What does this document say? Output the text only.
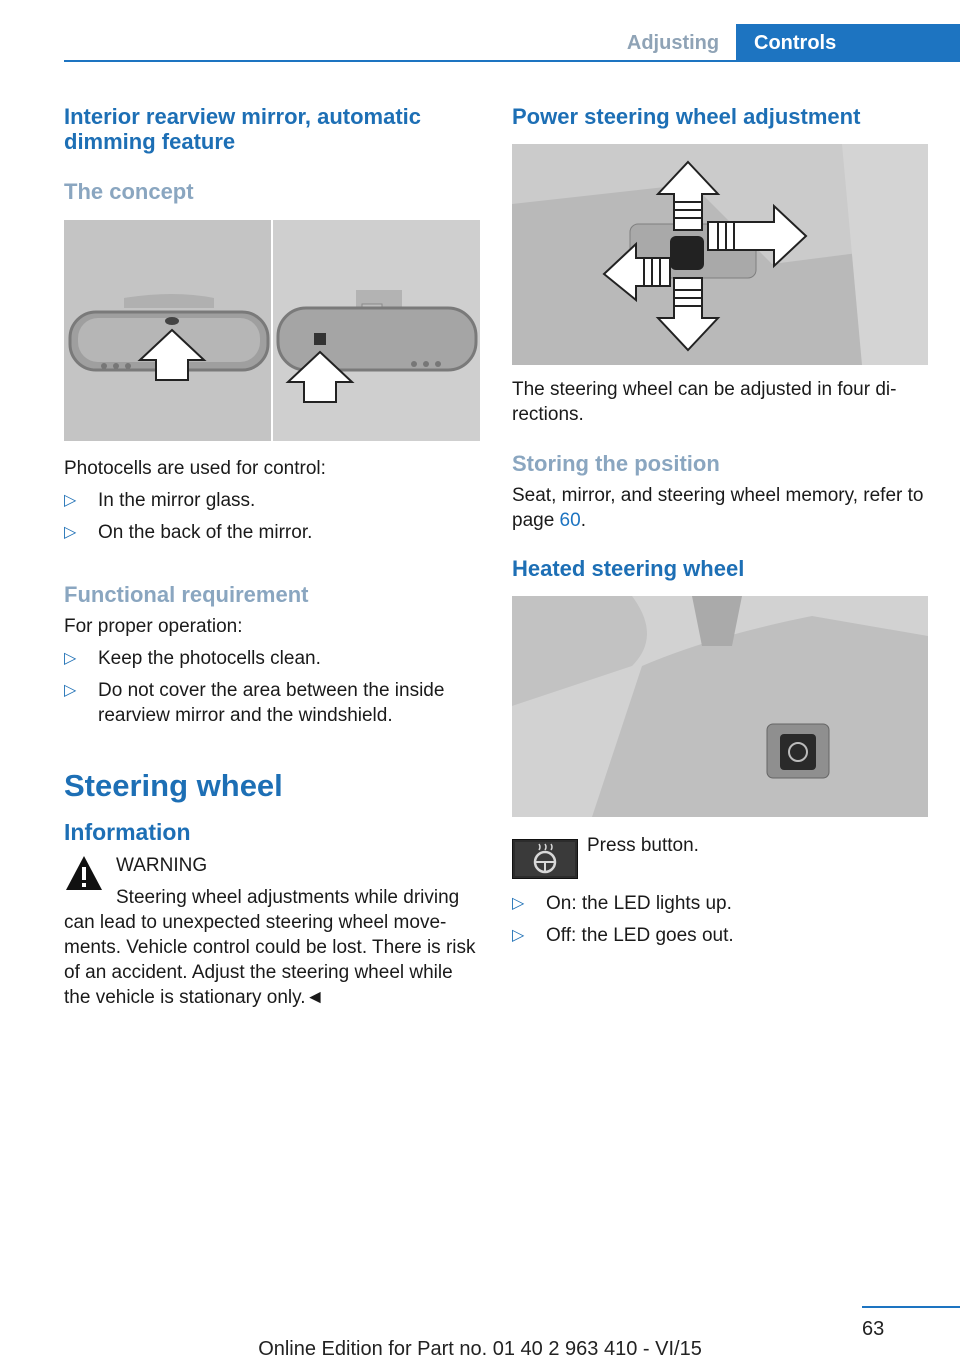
Adjusting	Controls
Interior rearview mirror, automatic dimming feature
The concept

Photocells are used for control:

▷ In the mirror glass.
▷ On the back of the mirror.
Functional requirement

For proper operation:

▷ Keep the photocells clean.
▷ Do not cover the area between the inside rearview mirror and the windshield.
Steering wheel
Information

WARNING

Steering wheel adjustments while driving

can lead to unexpected steering wheel move-ments. Vehicle control could be lost. There is risk of an accident. Adjust the steering wheel while the vehicle is stationary only.◄

Power steering wheel adjustment

The steering wheel can be adjusted in four di-rections.

Storing the position

Seat, mirror, and steering wheel memory, refer to page 60.

Heated steering wheel

Press button.

▷ On: the LED lights up.
▷ Off: the LED goes out.
63
Online Edition for Part no. 01 40 2 963 410 - VI/15
